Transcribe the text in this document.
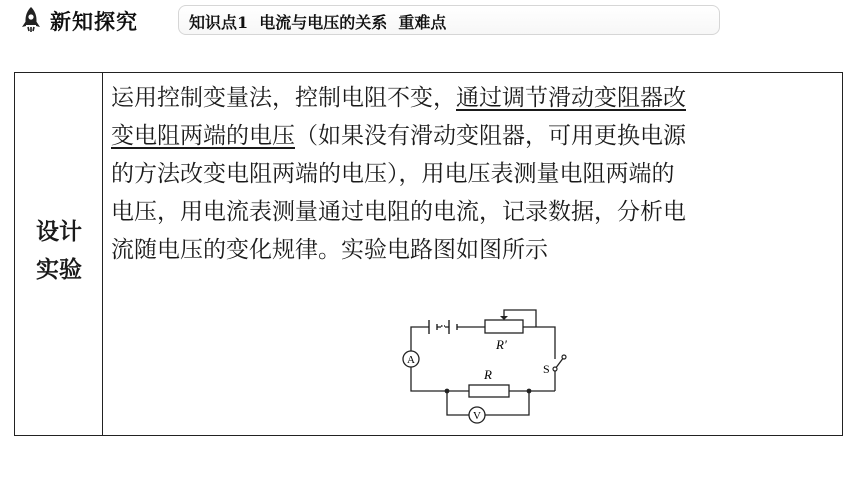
新知探究	知识点1  电流与电压的关系  重难点
设计
实验
运用控制变量法，控制电阻不变，通过调节滑动变阻器改
变电阻两端的电压（如果没有滑动变阻器，可用更换电源
的方法改变电阻两端的电压），用电压表测量电阻两端的
电压，用电流表测量通过电阻的电流，记录数据，分析电
流随电压的变化规律。实验电路图如图所示
A
V
R′
R	S
